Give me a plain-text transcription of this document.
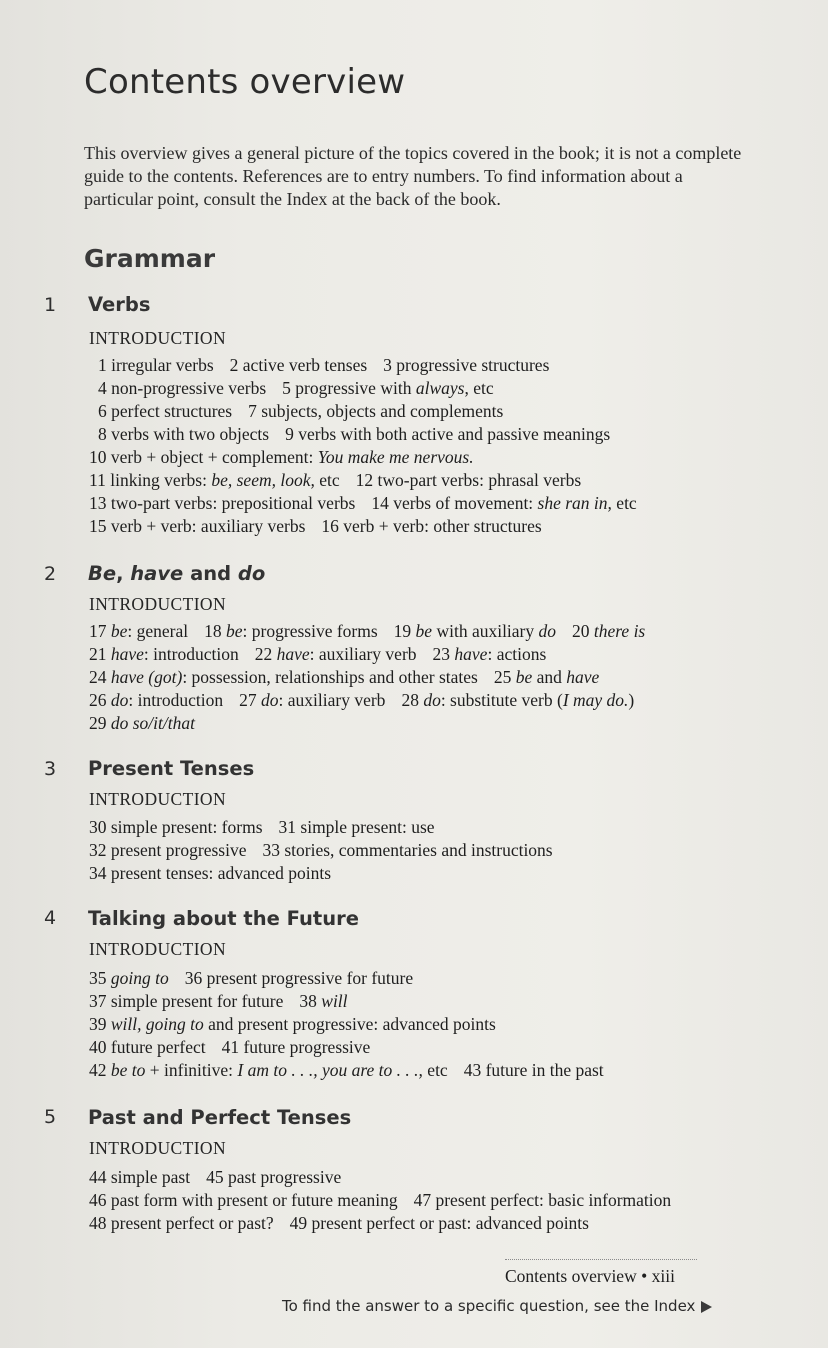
Contents overview
This overview gives a general picture of the topics covered in the book; it is not a complete guide to the contents. References are to entry numbers. To find information about a particular point, consult the Index at the back of the book.
Grammar
1 Verbs
INTRODUCTION
1 irregular verbs 2 active verb tenses 3 progressive structures
4 non-progressive verbs 5 progressive with always, etc
6 perfect structures 7 subjects, objects and complements
8 verbs with two objects 9 verbs with both active and passive meanings
10 verb + object + complement: You make me nervous.
11 linking verbs: be, seem, look, etc 12 two-part verbs: phrasal verbs
13 two-part verbs: prepositional verbs 14 verbs of movement: she ran in, etc
15 verb + verb: auxiliary verbs 16 verb + verb: other structures
2 Be, have and do
INTRODUCTION
17 be: general 18 be: progressive forms 19 be with auxiliary do 20 there is
21 have: introduction 22 have: auxiliary verb 23 have: actions
24 have (got): possession, relationships and other states 25 be and have
26 do: introduction 27 do: auxiliary verb 28 do: substitute verb (I may do.)
29 do so/it/that
3 Present Tenses
INTRODUCTION
30 simple present: forms 31 simple present: use
32 present progressive 33 stories, commentaries and instructions
34 present tenses: advanced points
4 Talking about the Future
INTRODUCTION
35 going to 36 present progressive for future
37 simple present for future 38 will
39 will, going to and present progressive: advanced points
40 future perfect 41 future progressive
42 be to + infinitive: I am to . . ., you are to . . ., etc 43 future in the past
5 Past and Perfect Tenses
INTRODUCTION
44 simple past 45 past progressive
46 past form with present or future meaning 47 present perfect: basic information
48 present perfect or past? 49 present perfect or past: advanced points
Contents overview • xiii
To find the answer to a specific question, see the Index
